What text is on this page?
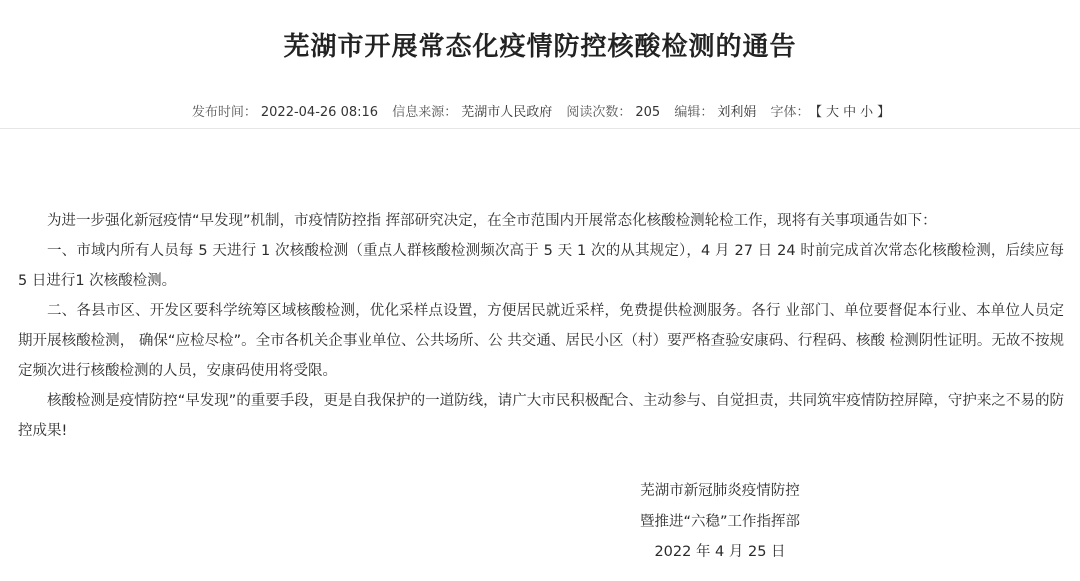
芜湖市开展常态化疫情防控核酸检测的通告
发布时间： 2022-04-26 08:16 信息来源： 芜湖市人民政府 阅读次数： 205 编辑： 刘利娟 字体： 【 大 中 小 】

为进一步强化新冠疫情“早发现”机制，市疫情防控指 挥部研究决定，在全市范围内开展常态化核酸检测轮检工作，现将有关事项通告如下：

一、市域内所有人员每 5 天进行 1 次核酸检测（重点人群核酸检测频次高于 5 天 1 次的从其规定），4 月 27 日 24 时前完成首次常态化核酸检测，后续应每 5 日进行1 次核酸检测。

二、各县市区、开发区要科学统筹区域核酸检测，优化采样点设置，方便居民就近采样，免费提供检测服务。各行 业部门、单位要督促本行业、本单位人员定期开展核酸检测， 确保“应检尽检”。全市各机关企事业单位、公共场所、公 共交通、居民小区（村）要严格查验安康码、行程码、核酸 检测阴性证明。无故不按规定频次进行核酸检测的人员，安康码使用将受限。

核酸检测是疫情防控“早发现”的重要手段，更是自我保护的一道防线，请广大市民积极配合、主动参与、自觉担责，共同筑牢疫情防控屏障，守护来之不易的防控成果!

芜湖市新冠肺炎疫情防控
暨推进“六稳”工作指挥部
2022 年 4 月 25 日
